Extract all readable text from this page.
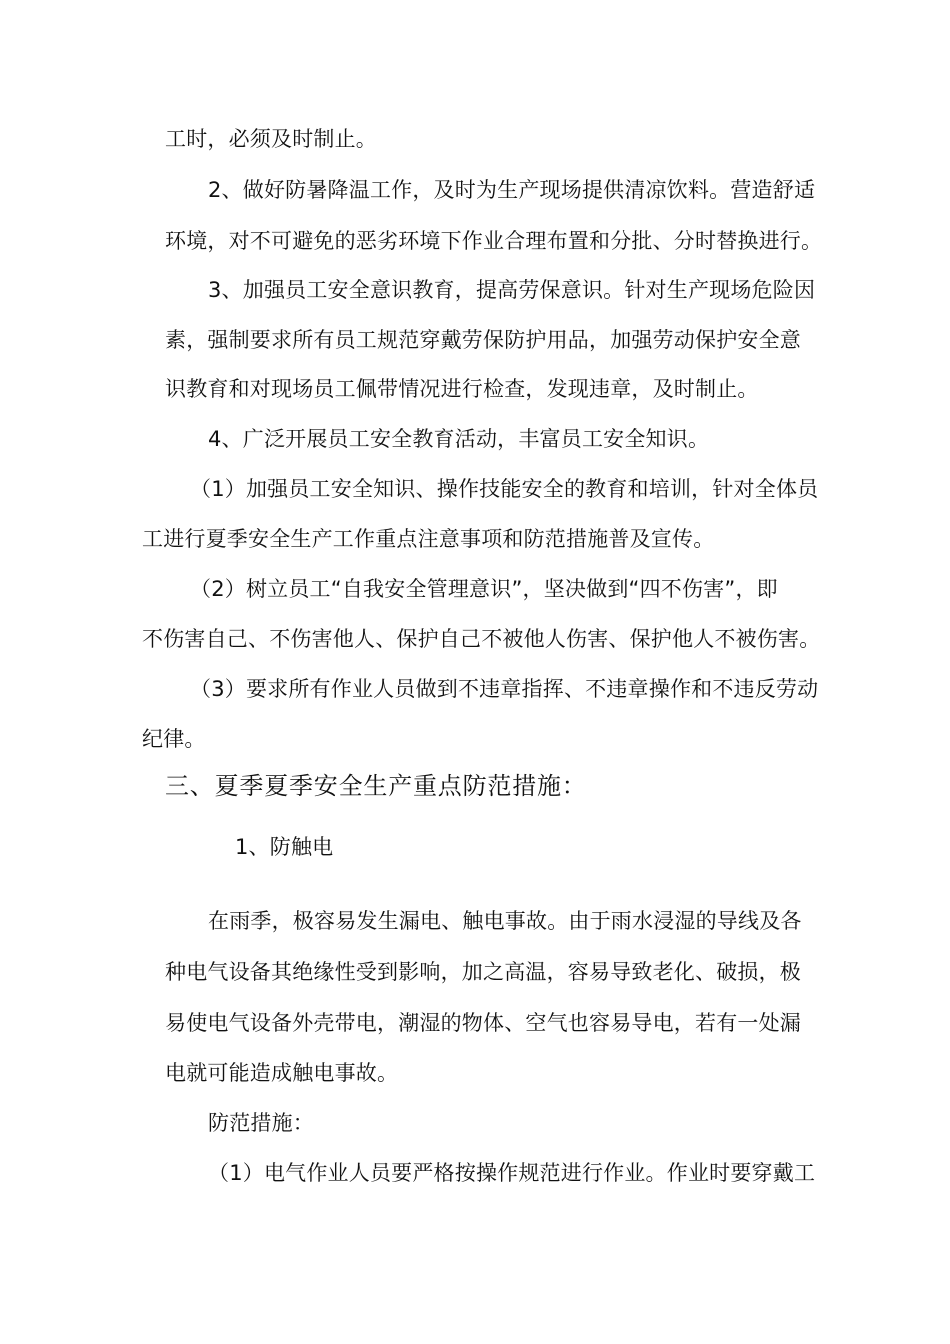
工时，必须及时制止。
2、做好防暑降温工作，及时为生产现场提供清凉饮料。营造舒适
环境，对不可避免的恶劣环境下作业合理布置和分批、分时替换进行。
3、加强员工安全意识教育，提高劳保意识。针对生产现场危险因
素，强制要求所有员工规范穿戴劳保防护用品，加强劳动保护安全意
识教育和对现场员工佩带情况进行检查，发现违章，及时制止。
4、广泛开展员工安全教育活动，丰富员工安全知识。
（1）加强员工安全知识、操作技能安全的教育和培训，针对全体员
工进行夏季安全生产工作重点注意事项和防范措施普及宣传。
（2）树立员工“自我安全管理意识”，坚决做到“四不伤害”，即
不伤害自己、不伤害他人、保护自己不被他人伤害、保护他人不被伤害。
（3）要求所有作业人员做到不违章指挥、不违章操作和不违反劳动
纪律。
三、夏季夏季安全生产重点防范措施：
1、防触电
在雨季，极容易发生漏电、触电事故。由于雨水浸湿的导线及各
种电气设备其绝缘性受到影响，加之高温，容易导致老化、破损，极
易使电气设备外壳带电，潮湿的物体、空气也容易导电，若有一处漏
电就可能造成触电事故。
防范措施：
（1）电气作业人员要严格按操作规范进行作业。作业时要穿戴工
